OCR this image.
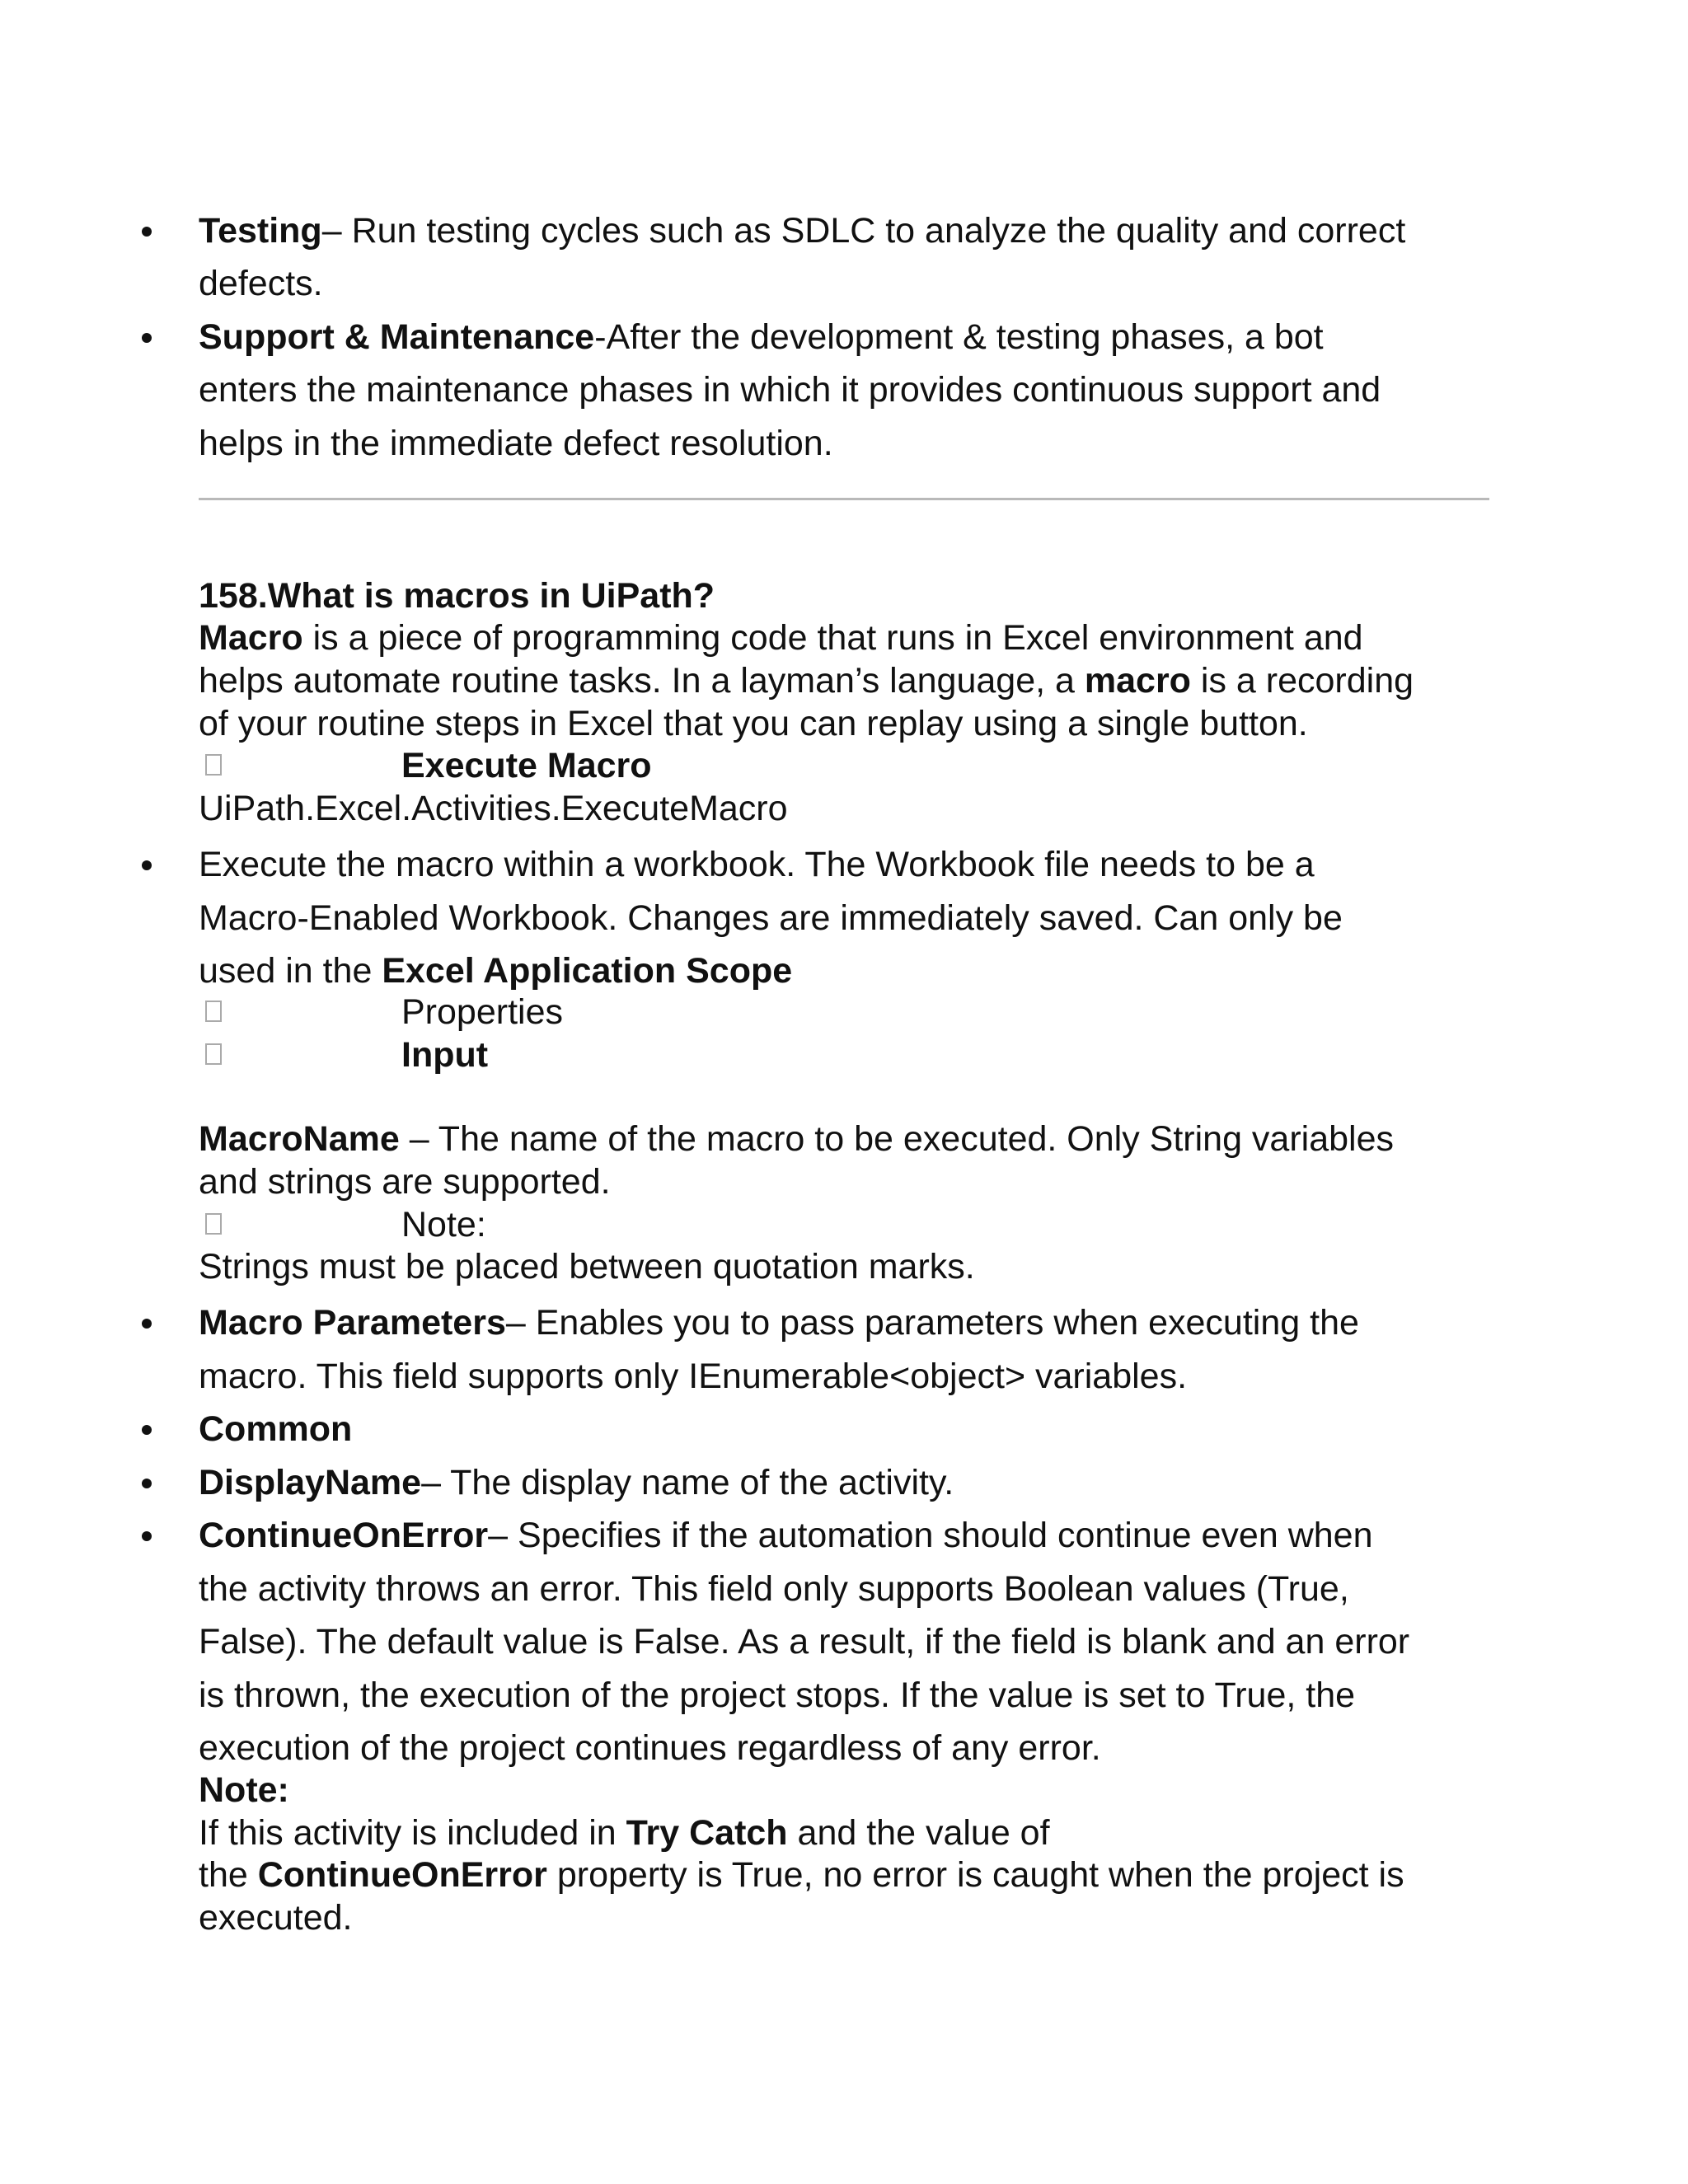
Testing– Run testing cycles such as SDLC to analyze the quality and correct
defects.
Support & Maintenance-After the development & testing phases, a bot
enters the maintenance phases in which it provides continuous support and
helps in the immediate defect resolution.
158.What is macros in UiPath?
Macro is a piece of programming code that runs in Excel environment and
helps automate routine tasks. In a layman’s language, a macro is a recording
of your routine steps in Excel that you can replay using a single button.
Execute Macro
UiPath.Excel.Activities.ExecuteMacro
Execute the macro within a workbook. The Workbook file needs to be a
Macro-Enabled Workbook. Changes are immediately saved. Can only be
used in the Excel Application Scope
Properties
Input
MacroName – The name of the macro to be executed. Only String variables
and strings are supported.
Note:
Strings must be placed between quotation marks.
Macro Parameters– Enables you to pass parameters when executing the
macro. This field supports only IEnumerable<object> variables.
Common
DisplayName– The display name of the activity.
ContinueOnError– Specifies if the automation should continue even when
the activity throws an error. This field only supports Boolean values (True,
False). The default value is False. As a result, if the field is blank and an error
is thrown, the execution of the project stops. If the value is set to True, the
execution of the project continues regardless of any error.
Note:
If this activity is included in Try Catch and the value of
the ContinueOnError property is True, no error is caught when the project is
executed.
